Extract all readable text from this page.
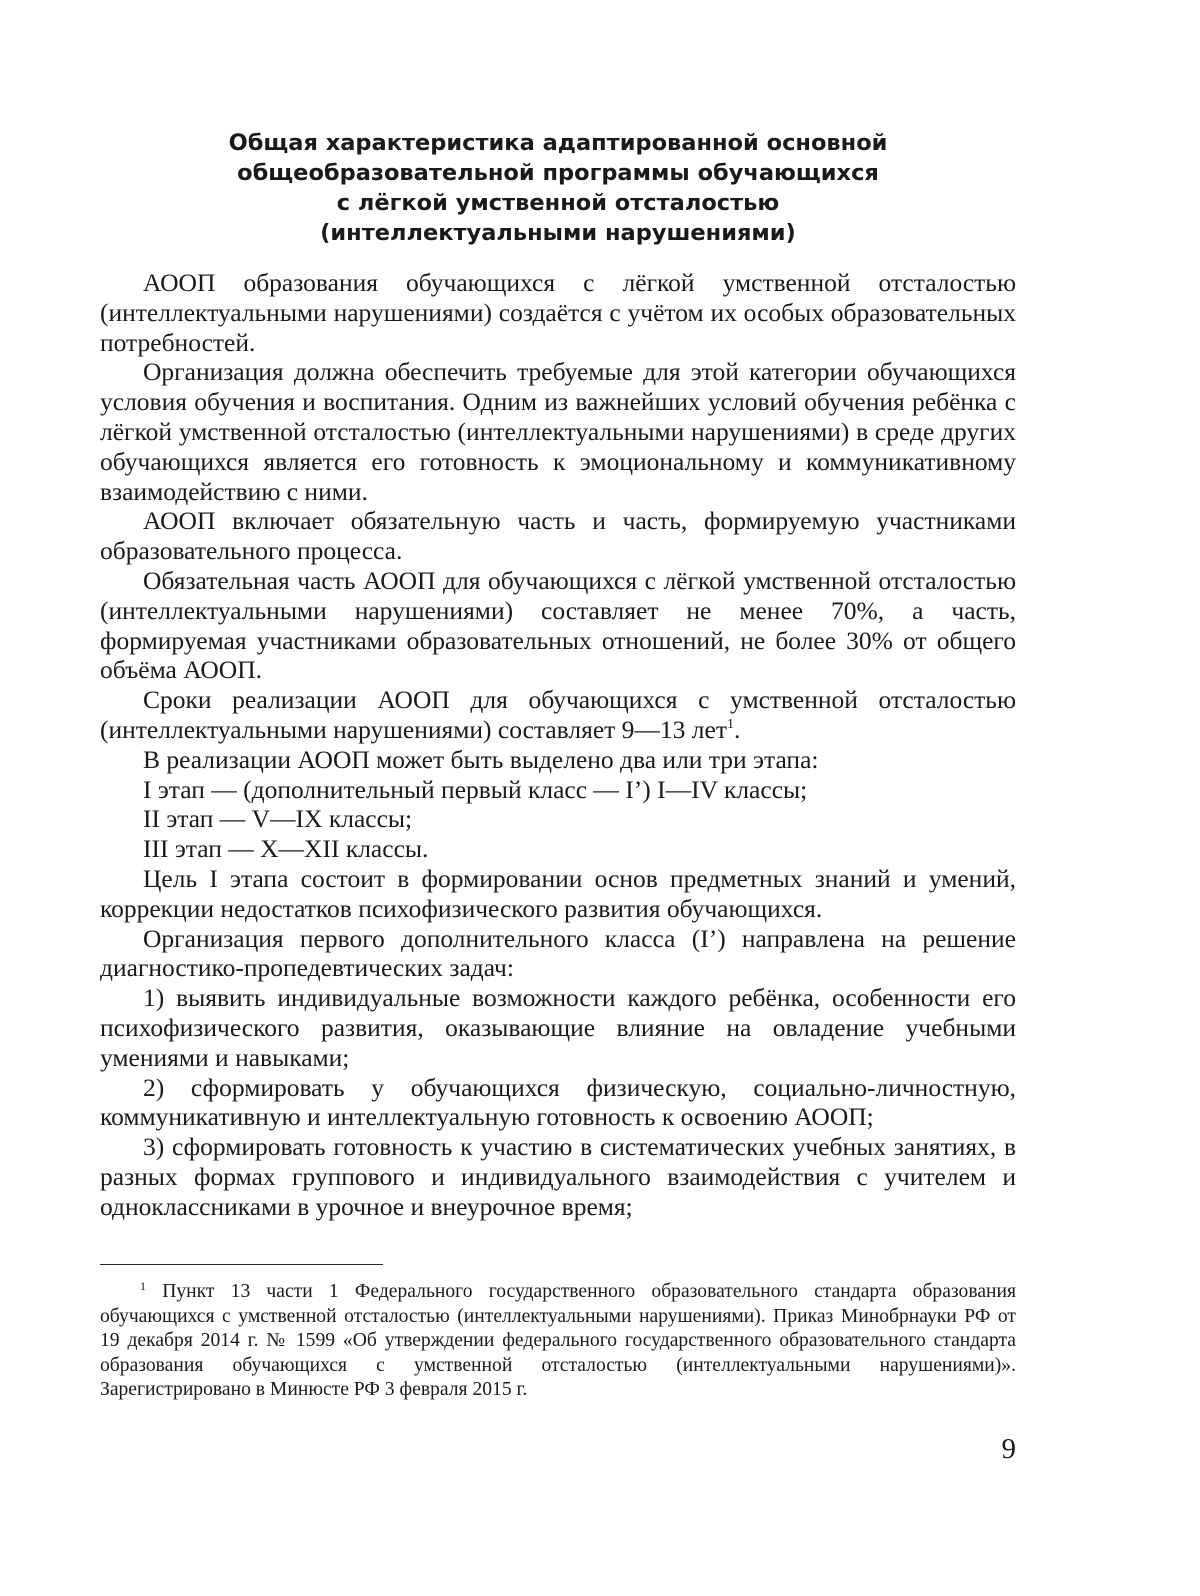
Общая характеристика адаптированной основной
общеобразовательной программы обучающихся
с лёгкой умственной отсталостью
(интеллектуальными нарушениями)

АООП образования обучающихся с лёгкой умственной отсталостью (интеллектуальными нарушениями) создаётся с учётом их особых образовательных потребностей.

Организация должна обеспечить требуемые для этой категории обучающихся условия обучения и воспитания. Одним из важнейших условий обучения ребёнка с лёгкой умственной отсталостью (интеллектуальными нарушениями) в среде других обучающихся является его готовность к эмоциональному и коммуникативному взаимодействию с ними.

АООП включает обязательную часть и часть, формируемую участниками образовательного процесса.

Обязательная часть АООП для обучающихся с лёгкой умственной отсталостью (интеллектуальными нарушениями) составляет не менее 70%, а часть, формируемая участниками образовательных отношений, не более 30% от общего объёма АООП.

Сроки реализации АООП для обучающихся с умственной отсталостью (интеллектуальными нарушениями) составляет 9—13 лет$^1$.

В реализации АООП может быть выделено два или три этапа:

I этап — (дополнительный первый класс — I’) I—IV классы;

II этап — V—IX классы;

III этап — X—XII классы.

Цель I этапа состоит в формировании основ предметных знаний и умений, коррекции недостатков психофизического развития обучающихся.

Организация первого дополнительного класса (I’) направлена на решение диагностико-пропедевтических задач:

1) выявить индивидуальные возможности каждого ребёнка, особенности его психофизического развития, оказывающие влияние на овладение учебными умениями и навыками;

2) сформировать у обучающихся физическую, социально-личностную, коммуникативную и интеллектуальную готовность к освоению АООП;

3) сформировать готовность к участию в систематических учебных занятиях, в разных формах группового и индивидуального взаимодействия с учителем и одноклассниками в урочное и внеурочное время;

$^1$ Пункт 13 части 1 Федерального государственного образовательного стандарта образования обучающихся с умственной отсталостью (интеллектуальными нарушениями). Приказ Минобрнауки РФ от 19 декабря 2014 г. № 1599 «Об утверждении федерального государственного образовательного стандарта образования обучающихся с умственной отсталостью (интеллектуальными нарушениями)». Зарегистрировано в Минюсте РФ 3 февраля 2015 г.

9
